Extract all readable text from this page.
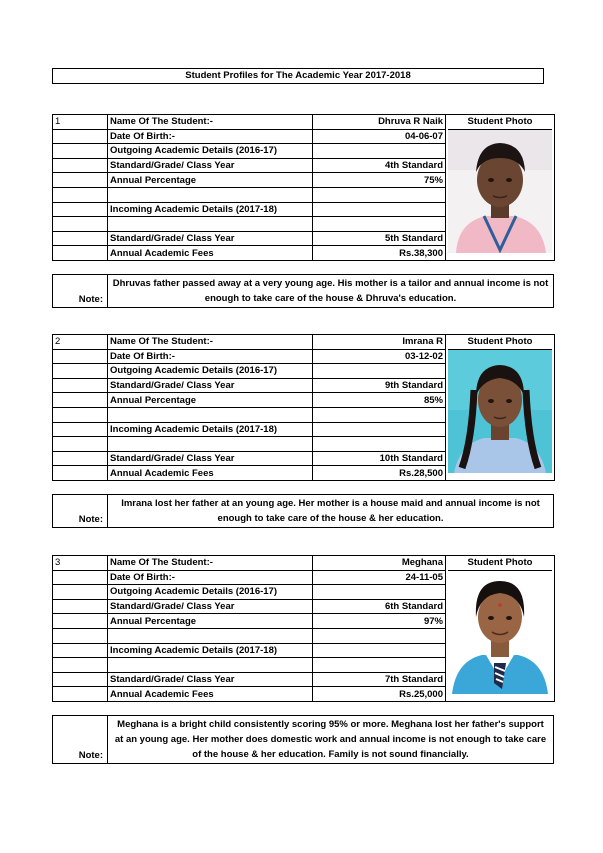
Student Profiles for The Academic Year 2017-2018
1	Name Of The Student:-	Dhruva R Naik	Student Photo

	Date Of Birth:-	04-06-07	
	Outgoing Academic Details (2016-17)		
	Standard/Grade/ Class Year	4th Standard	
	Annual Percentage	75%	

	Incoming Academic Details (2017-18)		

	Standard/Grade/ Class Year	5th Standard	
	Annual Academic Fees	Rs.38,300	
Note:	Dhruvas father passed away at a very young age. His mother is a tailor and annual income is not enough to take care of the house & Dhruva's education.
2	Name Of The Student:-	Imrana R	Student Photo

	Date Of Birth:-	03-12-02	
	Outgoing Academic Details (2016-17)		
	Standard/Grade/ Class Year	9th Standard	
	Annual Percentage	85%	

	Incoming Academic Details (2017-18)		

	Standard/Grade/ Class Year	10th Standard	
	Annual Academic Fees	Rs.28,500	
Note:	Imrana lost her father at an young age. Her mother is a house maid and annual income is not enough to take care of the house & her education.
3	Name Of The Student:-	Meghana	Student Photo

	Date Of Birth:-	24-11-05	
	Outgoing Academic Details (2016-17)		
	Standard/Grade/ Class Year	6th Standard	
	Annual Percentage	97%	

	Incoming Academic Details (2017-18)		

	Standard/Grade/ Class Year	7th Standard	
	Annual Academic Fees	Rs.25,000	
Note:	Meghana is a bright child consistently scoring 95% or more. Meghana lost her father's support at an young age. Her mother does domestic work and annual income is not enough to take care of the house & her education. Family is not sound financially.
